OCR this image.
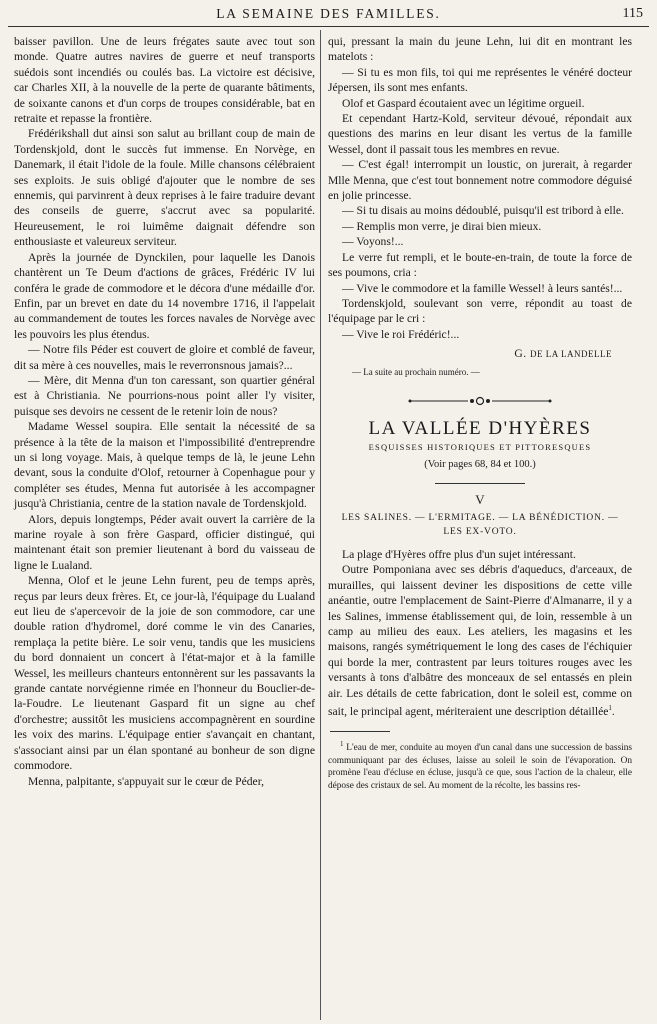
LA SEMAINE DES FAMILLES.	115

baisser pavillon. Une de leurs frégates saute avec tout son monde. Quatre autres navires de guerre et neuf transports suédois sont incendiés ou coulés bas. La victoire est décisive, car Charles XII, à la nouvelle de la perte de quarante bâtiments, de soixante canons et d'un corps de troupes considérable, bat en retraite et repasse la frontière.

Frédérikshall dut ainsi son salut au brillant coup de main de Tordenskjold, dont le succès fut immense. En Norvège, en Danemark, il était l'idole de la foule. Mille chansons célébraient ses exploits. Je suis obligé d'ajouter que le nombre de ses ennemis, qui parvinrent à deux reprises à le faire traduire devant des conseils de guerre, s'accrut avec sa popularité. Heureusement, le roi luimême daignait défendre son enthousiaste et valeureux serviteur.

Après la journée de Dynckilen, pour laquelle les Danois chantèrent un Te Deum d'actions de grâces, Frédéric IV lui conféra le grade de commodore et le décora d'une médaille d'or. Enfin, par un brevet en date du 14 novembre 1716, il l'appelait au commandement de toutes les forces navales de Norvège avec les pouvoirs les plus étendus.

— Notre fils Péder est couvert de gloire et comblé de faveur, dit sa mère à ces nouvelles, mais le reverronsnous jamais?...

— Mère, dit Menna d'un ton caressant, son quartier général est à Christiania. Ne pourrions-nous point aller l'y visiter, puisque ses devoirs ne cessent de le retenir loin de nous?

Madame Wessel soupira. Elle sentait la nécessité de sa présence à la tête de la maison et l'impossibilité d'entreprendre un si long voyage. Mais, à quelque temps de là, le jeune Lehn devant, sous la conduite d'Olof, retourner à Copenhague pour y compléter ses études, Menna fut autorisée à les accompagner jusqu'à Christiania, centre de la station navale de Tordenskjold.

Alors, depuis longtemps, Péder avait ouvert la carrière de la marine royale à son frère Gaspard, officier distingué, qui maintenant était son premier lieutenant à bord du vaisseau de ligne le Lualand.

Menna, Olof et le jeune Lehn furent, peu de temps après, reçus par leurs deux frères. Et, ce jour-là, l'équipage du Lualand eut lieu de s'apercevoir de la joie de son commodore, car une double ration d'hydromel, doré comme le vin des Canaries, remplaça la petite bière. Le soir venu, tandis que les musiciens du bord donnaient un concert à l'état-major et à la famille Wessel, les meilleurs chanteurs entonnèrent sur les passavants la grande cantate norvégienne rimée en l'honneur du Bouclier-de-la-Foudre. Le lieutenant Gaspard fit un signe au chef d'orchestre; aussitôt les musiciens accompagnèrent en sourdine les voix des marins. L'équipage entier s'avançait en chantant, s'associant ainsi par un élan spontané au bonheur de son digne commodore.

Menna, palpitante, s'appuyait sur le cœur de Péder,

qui, pressant la main du jeune Lehn, lui dit en montrant les matelots :

— Si tu es mon fils, toi qui me représentes le vénéré docteur Jépersen, ils sont mes enfants.

Olof et Gaspard écoutaient avec un légitime orgueil.

Et cependant Hartz-Kold, serviteur dévoué, répondait aux questions des marins en leur disant les vertus de la famille Wessel, dont il passait tous les membres en revue.

— C'est égal! interrompit un loustic, on jurerait, à regarder Mlle Menna, que c'est tout bonnement notre commodore déguisé en jolie princesse.

— Si tu disais au moins dédoublé, puisqu'il est tribord à elle.

— Remplis mon verre, je dirai bien mieux.

— Voyons!...

Le verre fut rempli, et le boute-en-train, de toute la force de ses poumons, cria :

— Vive le commodore et la famille Wessel! à leurs santés!...

Tordenskjold, soulevant son verre, répondit au toast de l'équipage par le cri :

— Vive le roi Frédéric!...

G. DE LA LANDELLE

— La suite au prochain numéro. —

LA VALLÉE D'HYÈRES
ESQUISSES HISTORIQUES ET PITTORESQUES
(Voir pages 68, 84 et 100.)
V
LES SALINES. — L'ERMITAGE. — LA BÉNÉDICTION. —
LES EX-VOTO.

La plage d'Hyères offre plus d'un sujet intéressant.

Outre Pomponiana avec ses débris d'aqueducs, d'arceaux, de murailles, qui laissent deviner les dispositions de cette ville anéantie, outre l'emplacement de Saint-Pierre d'Almanarre, il y a les Salines, immense établissement qui, de loin, ressemble à un camp au milieu des eaux. Les ateliers, les magasins et les maisons, rangés symétriquement le long des cases de l'échiquier qui borde la mer, contrastent par leurs toitures rouges avec les versants à tons d'albâtre des monceaux de sel entassés en plein air. Les détails de cette fabrication, dont le soleil est, comme on sait, le principal agent, mériteraient une description détaillée$^1$.

$^1$ L'eau de mer, conduite au moyen d'un canal dans une succession de bassins communiquant par des écluses, laisse au soleil le soin de l'évaporation. On promène l'eau d'écluse en écluse, jusqu'à ce que, sous l'action de la chaleur, elle dépose des cristaux de sel. Au moment de la récolte, les bassins res-
